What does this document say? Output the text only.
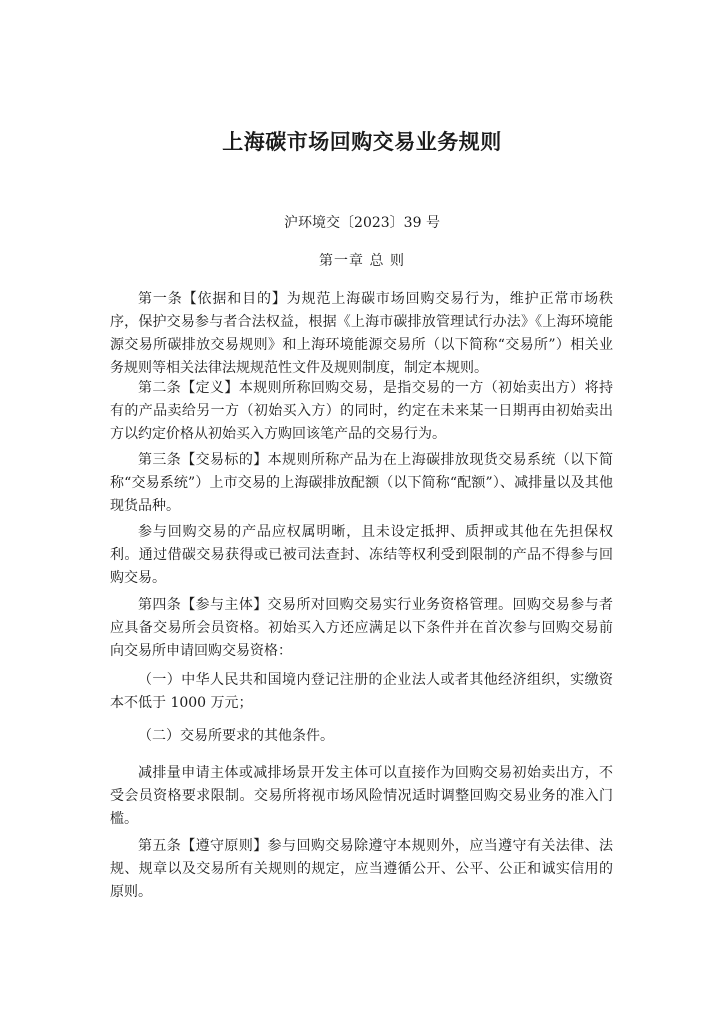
上海碳市场回购交易业务规则
沪环境交〔2023〕39 号
第一章 总 则
第一条【依据和目的】为规范上海碳市场回购交易行为，维护正常市场秩序，保护交易参与者合法权益，根据《上海市碳排放管理试行办法》《上海环境能源交易所碳排放交易规则》和上海环境能源交易所（以下简称“交易所”）相关业务规则等相关法律法规规范性文件及规则制度，制定本规则。
第二条【定义】本规则所称回购交易，是指交易的一方（初始卖出方）将持有的产品卖给另一方（初始买入方）的同时，约定在未来某一日期再由初始卖出方以约定价格从初始买入方购回该笔产品的交易行为。
第三条【交易标的】本规则所称产品为在上海碳排放现货交易系统（以下简称“交易系统”）上市交易的上海碳排放配额（以下简称“配额”）、减排量以及其他现货品种。
参与回购交易的产品应权属明晰，且未设定抵押、质押或其他在先担保权利。通过借碳交易获得或已被司法查封、冻结等权利受到限制的产品不得参与回购交易。
第四条【参与主体】交易所对回购交易实行业务资格管理。回购交易参与者应具备交易所会员资格。初始买入方还应满足以下条件并在首次参与回购交易前向交易所申请回购交易资格：
（一）中华人民共和国境内登记注册的企业法人或者其他经济组织，实缴资本不低于 1000 万元；
（二）交易所要求的其他条件。
减排量申请主体或减排场景开发主体可以直接作为回购交易初始卖出方，不受会员资格要求限制。交易所将视市场风险情况适时调整回购交易业务的准入门槛。
第五条【遵守原则】参与回购交易除遵守本规则外，应当遵守有关法律、法规、规章以及交易所有关规则的规定，应当遵循公开、公平、公正和诚实信用的原则。
